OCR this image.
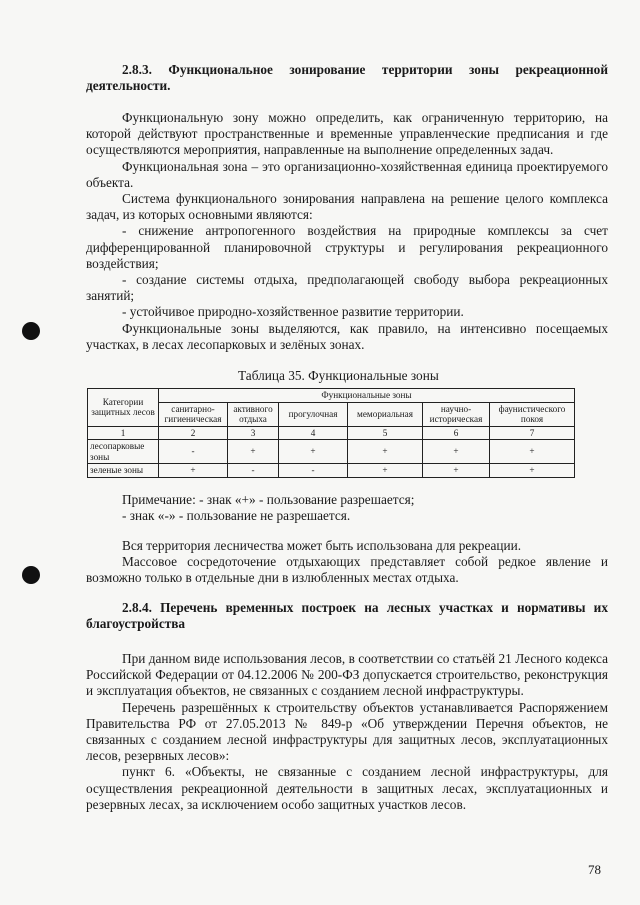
2.8.3. Функциональное зонирование территории зоны рекреационной деятельности.

Функциональную зону можно определить, как ограниченную территорию, на которой действуют пространственные и временные управленческие предписания и где осуществляются мероприятия, направленные на выполнение определенных задач.

Функциональная зона – это организационно-хозяйственная единица проектируемого объекта.

Система функционального зонирования направлена на решение целого комплекса задач, из которых основными являются:

- снижение антропогенного воздействия на природные комплексы за счет дифференцированной планировочной структуры и регулирования рекреационного воздействия;

- создание системы отдыха, предполагающей свободу выбора рекреационных занятий;

- устойчивое природно-хозяйственное развитие территории.

Функциональные зоны выделяются, как правило, на интенсивно посещаемых участках, в лесах лесопарковых и зелёных зонах.

Таблица 35. Функциональные зоны
Категории защитных лесов	Функциональные зоны					
	санитарно-гигиеническая	активного отдыха	прогулочная	мемориальная	научно-историческая	фаунистического покоя
1	2	3	4	5	6	7
лесопарковые зоны	-	+	+	+	+	+
зеленые зоны	+	-	-	+	+	+

Примечание: - знак «+» - пользование разрешается;

- знак «-» - пользование не разрешается.

Вся территория лесничества может быть использована для рекреации.

Массовое сосредоточение отдыхающих представляет собой редкое явление и возможно только в отдельные дни в излюбленных местах отдыха.

2.8.4. Перечень временных построек на лесных участках и нормативы их благоустройства

При данном виде использования лесов, в соответствии со статьёй 21 Лесного кодекса Российской Федерации от 04.12.2006 № 200-ФЗ допускается строительство, реконструкция и эксплуатация объектов, не связанных с созданием лесной инфраструктуры.

Перечень разрешённых к строительству объектов устанавливается Распоряжением Правительства РФ от 27.05.2013 № 849-р «Об утверждении Перечня объектов, не связанных с созданием лесной инфраструктуры для защитных лесов, эксплуатационных лесов, резервных лесов»:

пункт 6. «Объекты, не связанные с созданием лесной инфраструктуры, для осуществления рекреационной деятельности в защитных лесах, эксплуатационных и резервных лесах, за исключением особо защитных участков лесов.

78
